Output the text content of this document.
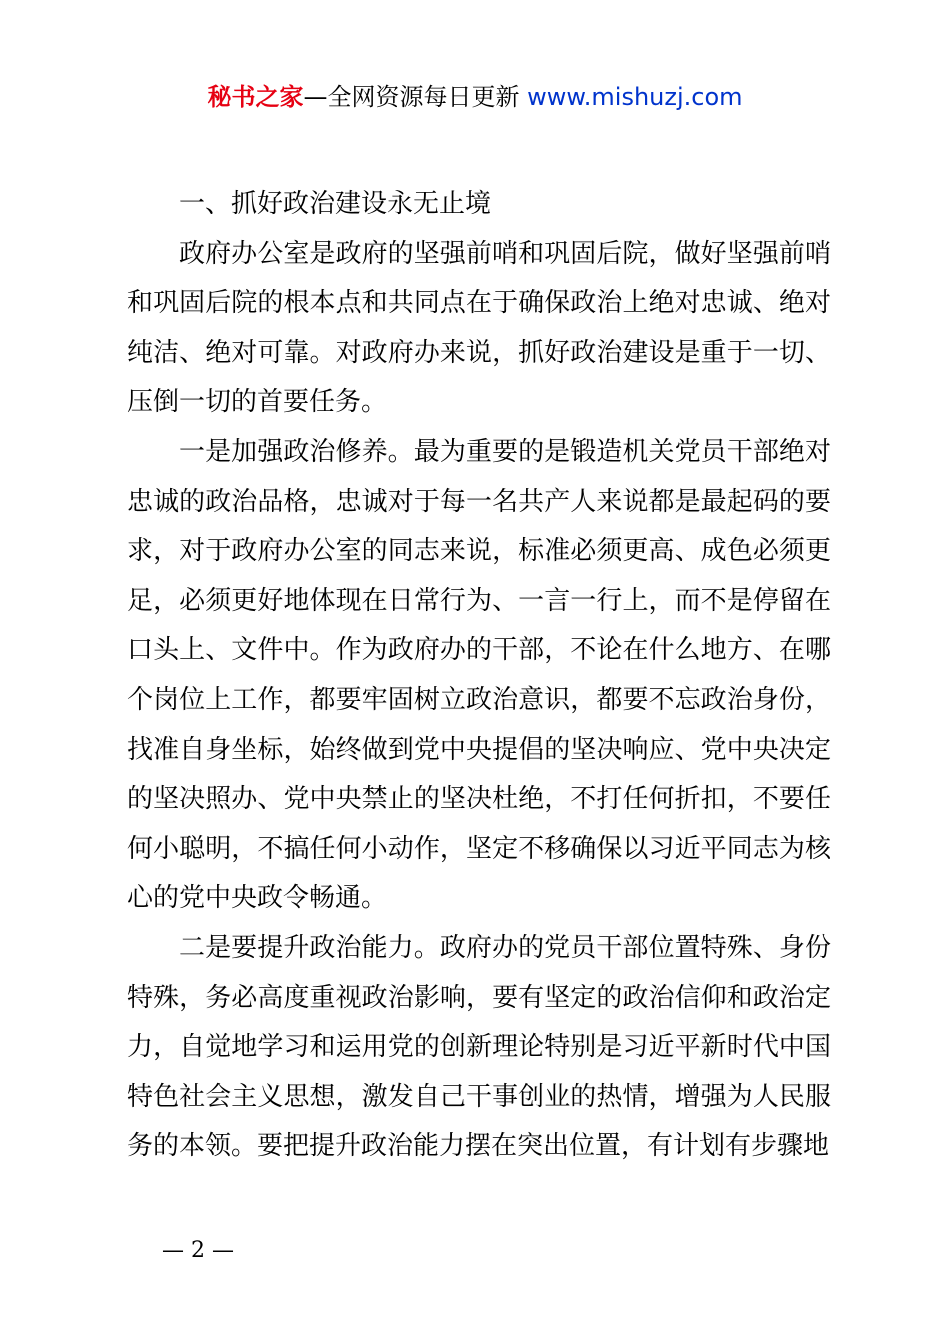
秘书之家—全网资源每日更新 www.mishuzj.com

一、抓好政治建设永无止境

政府办公室是政府的坚强前哨和巩固后院，做好坚强前哨和巩固后院的根本点和共同点在于确保政治上绝对忠诚、绝对纯洁、绝对可靠。对政府办来说，抓好政治建设是重于一切、压倒一切的首要任务。

一是加强政治修养。最为重要的是锻造机关党员干部绝对忠诚的政治品格，忠诚对于每一名共产人来说都是最起码的要求，对于政府办公室的同志来说，标准必须更高、成色必须更足，必须更好地体现在日常行为、一言一行上，而不是停留在口头上、文件中。作为政府办的干部，不论在什么地方、在哪个岗位上工作，都要牢固树立政治意识，都要不忘政治身份，找准自身坐标，始终做到党中央提倡的坚决响应、党中央决定的坚决照办、党中央禁止的坚决杜绝，不打任何折扣，不要任何小聪明，不搞任何小动作，坚定不移确保以习近平同志为核心的党中央政令畅通。

二是要提升政治能力。政府办的党员干部位置特殊、身份特殊，务必高度重视政治影响，要有坚定的政治信仰和政治定力，自觉地学习和运用党的创新理论特别是习近平新时代中国特色社会主义思想，激发自己干事创业的热情，增强为人民服务的本领。要把提升政治能力摆在突出位置，有计划有步骤地

— 2 —
